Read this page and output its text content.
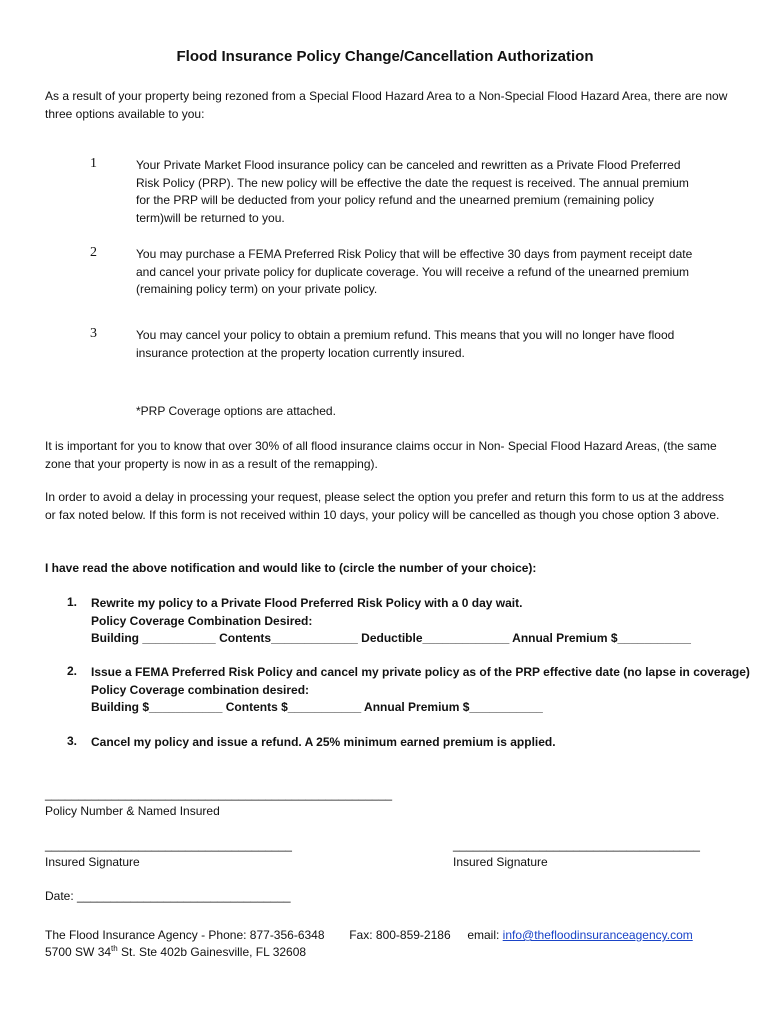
Flood Insurance Policy Change/Cancellation Authorization

As a result of your property being rezoned from a Special Flood Hazard Area to a Non-Special Flood Hazard Area, there are now three options available to you:

1	Your Private Market Flood insurance policy can be canceled and rewritten as a Private Flood Preferred Risk Policy (PRP). The new policy will be effective the date the request is received. The annual premium for the PRP will be deducted from your policy refund and the unearned premium (remaining policy term)will be returned to you.
2	You may purchase a FEMA Preferred Risk Policy that will be effective 30 days from payment receipt date and cancel your private policy for duplicate coverage. You will receive a refund of the unearned premium (remaining policy term) on your private policy.
3	You may cancel your policy to obtain a premium refund. This means that you will no longer have flood insurance protection at the property location currently insured.
*PRP Coverage options are attached.

It is important for you to know that over 30% of all flood insurance claims occur in Non- Special Flood Hazard Areas, (the same zone that your property is now in as a result of the remapping).

In order to avoid a delay in processing your request, please select the option you prefer and return this form to us at the address or fax noted below. If this form is not received within 10 days, your policy will be cancelled as though you chose option 3 above.

I have read the above notification and would like to (circle the number of your choice):
1. Rewrite my policy to a Private Flood Preferred Risk Policy with a 0 day wait.
Policy Coverage Combination Desired:
Building ___________ Contents_____________ Deductible_____________ Annual Premium $___________
2. Issue a FEMA Preferred Risk Policy and cancel my private policy as of the PRP effective date (no lapse in coverage)
Policy Coverage combination desired:
Building $___________ Contents $___________ Annual Premium $___________
3. Cancel my policy and issue a refund. A 25% minimum earned premium is applied.
____________________________________________________
Policy Number & Named Insured
_____________________________________
Insured Signature
_____________________________________
Insured Signature
Date: ________________________________
The Flood Insurance Agency - Phone: 877-356-6348 Fax: 800-859-2186 email: info@thefloodinsuranceagency.com
5700 SW 34th St. Ste 402b Gainesville, FL 32608
